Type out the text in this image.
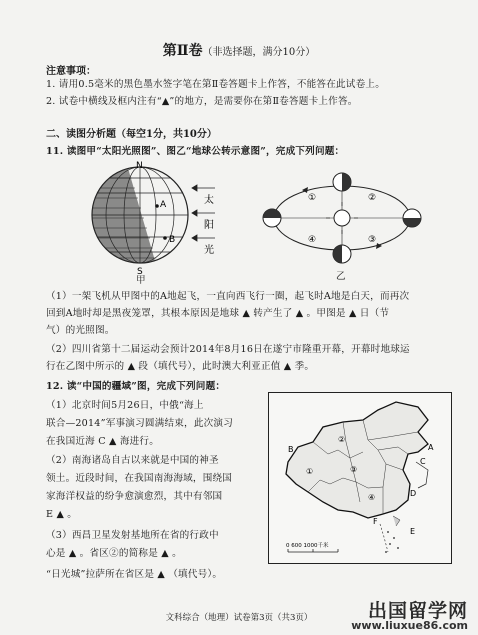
第Ⅱ卷（非选择题，满分10分）
注意事项：
1. 请用0.5毫米的黑色墨水签字笔在第Ⅱ卷答题卡上作答，不能答在此试卷上。
2. 试卷中横线及框内注有“▲”的地方，是需要你在第Ⅱ卷答题卡上作答。
二、读图分析题（每空1分，共10分）
11. 读图甲“太阳光照图”、图乙“地球公转示意图”，完成下列问题：
N
S
A
B
太
阳
光
甲
①	②
③
④
乙
（1）一架飞机从甲图中的A地起飞，一直向西飞行一圈，起飞时A地是白天，而再次
回到A地时却是黑夜笼罩，其根本原因是地球 ▲ 转产生了 ▲ 。甲图是 ▲ 日（节
气）的光照图。
（2）四川省第十二届运动会预计2014年8月16日在遂宁市隆重开幕，开幕时地球运
行在乙图中所示的 ▲ 段（填代号），此时澳大利亚正值 ▲ 季。
12. 读“中国的疆域”图，完成下列问题：
（1）北京时间5月26日，中俄“海上
联合—2014”军事演习圆满结束，此次演习
在我国近海 C ▲ 海进行。
（2）南海诸岛自古以来就是中国的神圣
领土。近段时间，在我国南海海域，围绕国
家海洋权益的纷争愈演愈烈，其中有邻国
E ▲ 。
（3）西昌卫星发射基地所在省的行政中
心是 ▲ 。省区②的简称是 ▲ 。
“日光城”拉萨所在省区是 ▲ （填代号）。
A
B
C
D
E
F
①
②
③
④
0 600 1000千米
文科综合（地理）试卷第3页（共3页）	出国留学网
www.liuxue86.com
